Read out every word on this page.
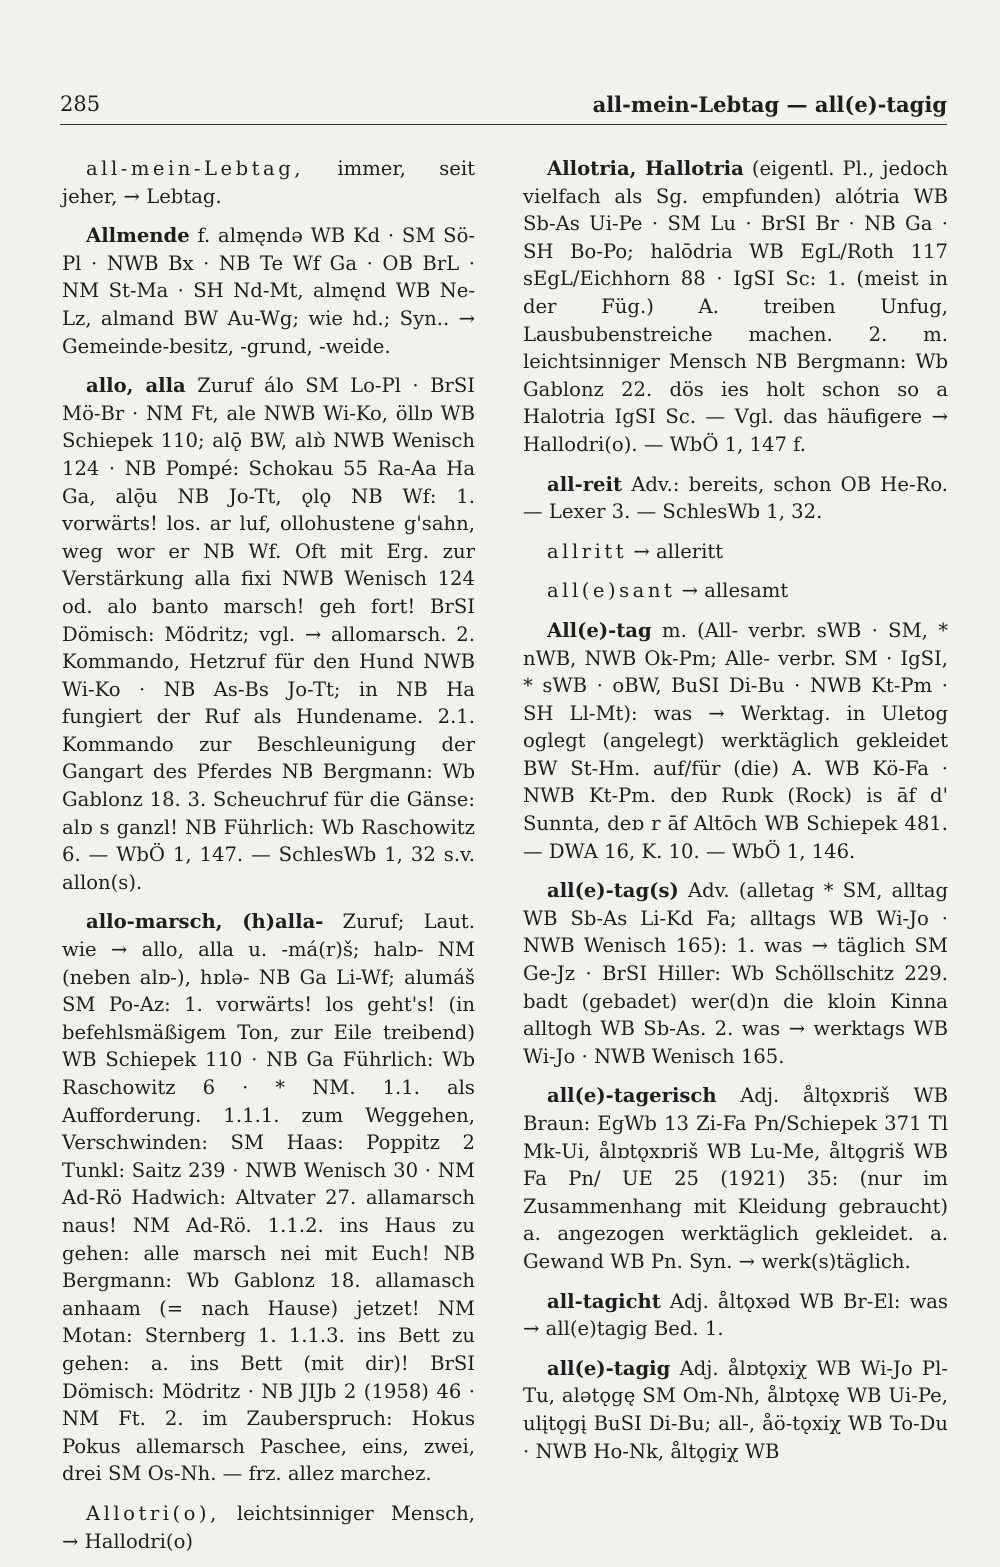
285	all-mein-Lebtag — all(e)-tagig

all-mein-Lebtag, immer, seit jeher, → Lebtag.

Allmende f. almęndə WB Kd · SM Sö-Pl · NWB Bx · NB Te Wf Ga · OB BrL · NM St-Ma · SH Nd-Mt, almęnd WB Ne-Lz, almand BW Au-Wg; wie hd.; Syn.. → Gemeinde-besitz, -grund, -weide.

allo, alla Zuruf álo SM Lo-Pl · BrSI Mö-Br · NM Ft, ale NWB Wi-Ko, öllɒ WB Schiepek 110; alǭ BW, alɒ̀ NWB Wenisch 124 · NB Pompé: Schokau 55 Ra-Aa Ha Ga, alǭu NB Jo-Tt, ǫlǫ NB Wf: 1. vorwärts! los. ar luf, ollohustene g'sahn, weg wor er NB Wf. Oft mit Erg. zur Verstärkung alla fixi NWB Wenisch 124 od. alo banto marsch! geh fort! BrSI Dömisch: Mödritz; vgl. → allomarsch. 2. Kommando, Hetzruf für den Hund NWB Wi-Ko · NB As-Bs Jo-Tt; in NB Ha fungiert der Ruf als Hundename. 2.1. Kommando zur Beschleunigung der Gangart des Pferdes NB Bergmann: Wb Gablonz 18. 3. Scheuchruf für die Gänse: alɒ s ganzl! NB Führlich: Wb Raschowitz 6. — WbÖ 1, 147. — SchlesWb 1, 32 s.v. allon(s).

allo-marsch, (h)alla- Zuruf; Laut. wie → allo, alla u. -má(r)š; halɒ- NM (neben alɒ-), hɒlə- NB Ga Li-Wf; alumáš SM Po-Az: 1. vorwärts! los geht's! (in befehlsmäßigem Ton, zur Eile treibend) WB Schiepek 110 · NB Ga Führlich: Wb Raschowitz 6 · * NM. 1.1. als Aufforderung. 1.1.1. zum Weggehen, Verschwinden: SM Haas: Poppitz 2 Tunkl: Saitz 239 · NWB Wenisch 30 · NM Ad-Rö Hadwich: Altvater 27. allamarsch naus! NM Ad-Rö. 1.1.2. ins Haus zu gehen: alle marsch nei mit Euch! NB Bergmann: Wb Gablonz 18. allamasch anhaam (= nach Hause) jetzet! NM Motan: Sternberg 1. 1.1.3. ins Bett zu gehen: a. ins Bett (mit dir)! BrSI Dömisch: Mödritz · NB JIJb 2 (1958) 46 · NM Ft. 2. im Zauberspruch: Hokus Pokus allemarsch Paschee, eins, zwei, drei SM Os-Nh. — frz. allez marchez.

Allotri(o), leichtsinniger Mensch, → Hallodri(o)

Allotria, Hallotria (eigentl. Pl., jedoch vielfach als Sg. empfunden) alótria WB Sb-As Ui-Pe · SM Lu · BrSI Br · NB Ga · SH Bo-Po; halōdria WB EgL/Roth 117 sEgL/Eichhorn 88 · IgSI Sc: 1. (meist in der Füg.) A. treiben Unfug, Lausbubenstreiche machen. 2. m. leichtsinniger Mensch NB Bergmann: Wb Gablonz 22. dös ies holt schon so a Halotria IgSI Sc. — Vgl. das häufigere → Hallodri(o). — WbÖ 1, 147 f.

all-reit Adv.: bereits, schon OB He-Ro. — Lexer 3. — SchlesWb 1, 32.

allritt → alleritt

all(e)sant → allesamt

All(e)-tag m. (All- verbr. sWB · SM, * nWB, NWB Ok-Pm; Alle- verbr. SM · IgSI, * sWB · oBW, BuSI Di-Bu · NWB Kt-Pm · SH Ll-Mt): was → Werktag. in Uletog oglegt (angelegt) werktäglich gekleidet BW St-Hm. auf/für (die) A. WB Kö-Fa · NWB Kt-Pm. deɒ Ruɒk (Rock) is āf d' Sunnta, deɒ r āf Altōch WB Schiepek 481. — DWA 16, K. 10. — WbÖ 1, 146.

all(e)-tag(s) Adv. (alletag * SM, alltag WB Sb-As Li-Kd Fa; alltags WB Wi-Jo · NWB Wenisch 165): 1. was → täglich SM Ge-Jz · BrSI Hiller: Wb Schöllschitz 229. badt (gebadet) wer(d)n die kloin Kinna alltogh WB Sb-As. 2. was → werktags WB Wi-Jo · NWB Wenisch 165.

all(e)-tagerisch Adj. åltǫxɒriš WB Braun: EgWb 13 Zi-Fa Pn/Schiepek 371 Tl Mk-Ui, ålɒtǫxɒriš WB Lu-Me, åltǫgriš WB Fa Pn/ UE 25 (1921) 35: (nur im Zusammenhang mit Kleidung gebraucht) a. angezogen werktäglich gekleidet. a. Gewand WB Pn. Syn. → werk(s)täglich.

all-tagicht Adj. åltǫxəd WB Br-El: was → all(e)tagig Bed. 1.

all(e)-tagig Adj. ålɒtǫxiχ WB Wi-Jo Pl-Tu, alətǫgę SM Om-Nh, ålɒtǫxę WB Ui-Pe, ulįtǫgį BuSI Di-Bu; all-, åö-tǫxiχ WB To-Du · NWB Ho-Nk, åltǫgiχ WB
